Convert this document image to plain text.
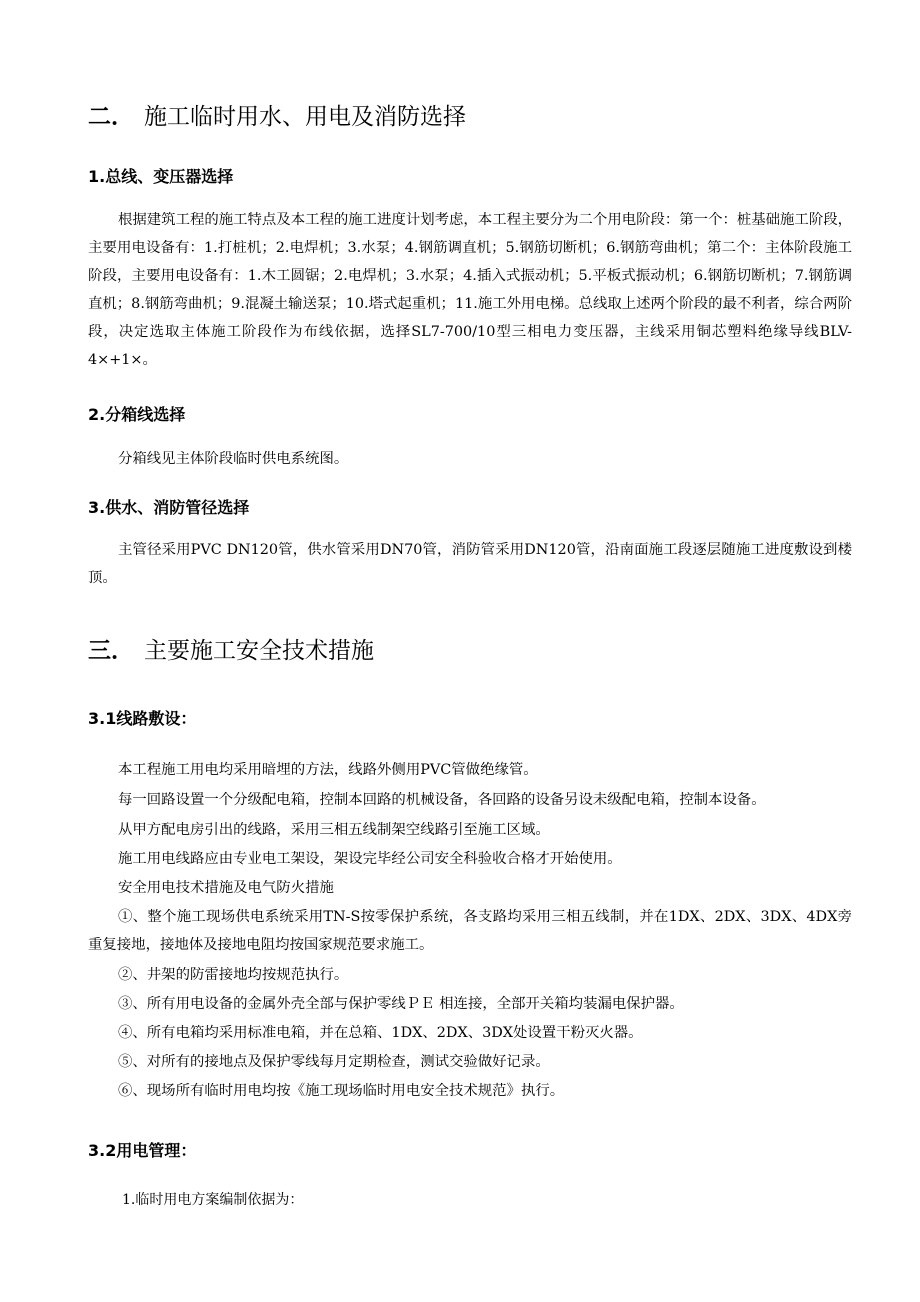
二． 施工临时用水、用电及消防选择
1.总线、变压器选择

根据建筑工程的施工特点及本工程的施工进度计划考虑，本工程主要分为二个用电阶段：第一个：桩基础施工阶段，主要用电设备有：1.打桩机；2.电焊机；3.水泵；4.钢筋调直机；5.钢筋切断机；6.钢筋弯曲机；第二个：主体阶段施工阶段，主要用电设备有：1.木工圆锯；2.电焊机；3.水泵；4.插入式振动机；5.平板式振动机；6.钢筋切断机；7.钢筋调直机；8.钢筋弯曲机；9.混凝土输送泵；10.塔式起重机；11.施工外用电梯。总线取上述两个阶段的最不利者，综合两阶段，决定选取主体施工阶段作为布线依据，选择SL7-700/10型三相电力变压器，主线采用铜芯塑料绝缘导线BLV-4×+1×。

2.分箱线选择

分箱线见主体阶段临时供电系统图。

3.供水、消防管径选择

主管径采用PVC DN120管，供水管采用DN70管，消防管采用DN120管，沿南面施工段逐层随施工进度敷设到楼顶。

三． 主要施工安全技术措施
3.1线路敷设：

本工程施工用电均采用暗埋的方法，线路外侧用PVC管做绝缘管。

每一回路设置一个分级配电箱，控制本回路的机械设备，各回路的设备另设未级配电箱，控制本设备。

从甲方配电房引出的线路，采用三相五线制架空线路引至施工区域。

施工用电线路应由专业电工架设，架设完毕经公司安全科验收合格才开始使用。

安全用电技术措施及电气防火措施

①、整个施工现场供电系统采用TN-S按零保护系统，各支路均采用三相五线制，并在1DX、2DX、3DX、4DX旁重复接地，接地体及接地电阻均按国家规范要求施工。

②、井架的防雷接地均按规范执行。

③、所有用电设备的金属外壳全部与保护零线ＰＥ 相连接，全部开关箱均装漏电保护器。

④、所有电箱均采用标准电箱，并在总箱、1DX、2DX、3DX处设置干粉灭火器。

⑤、对所有的接地点及保护零线每月定期检查，测试交验做好记录。

⑥、现场所有临时用电均按《施工现场临时用电安全技术规范》执行。

3.2用电管理：

1.临时用电方案编制依据为：
